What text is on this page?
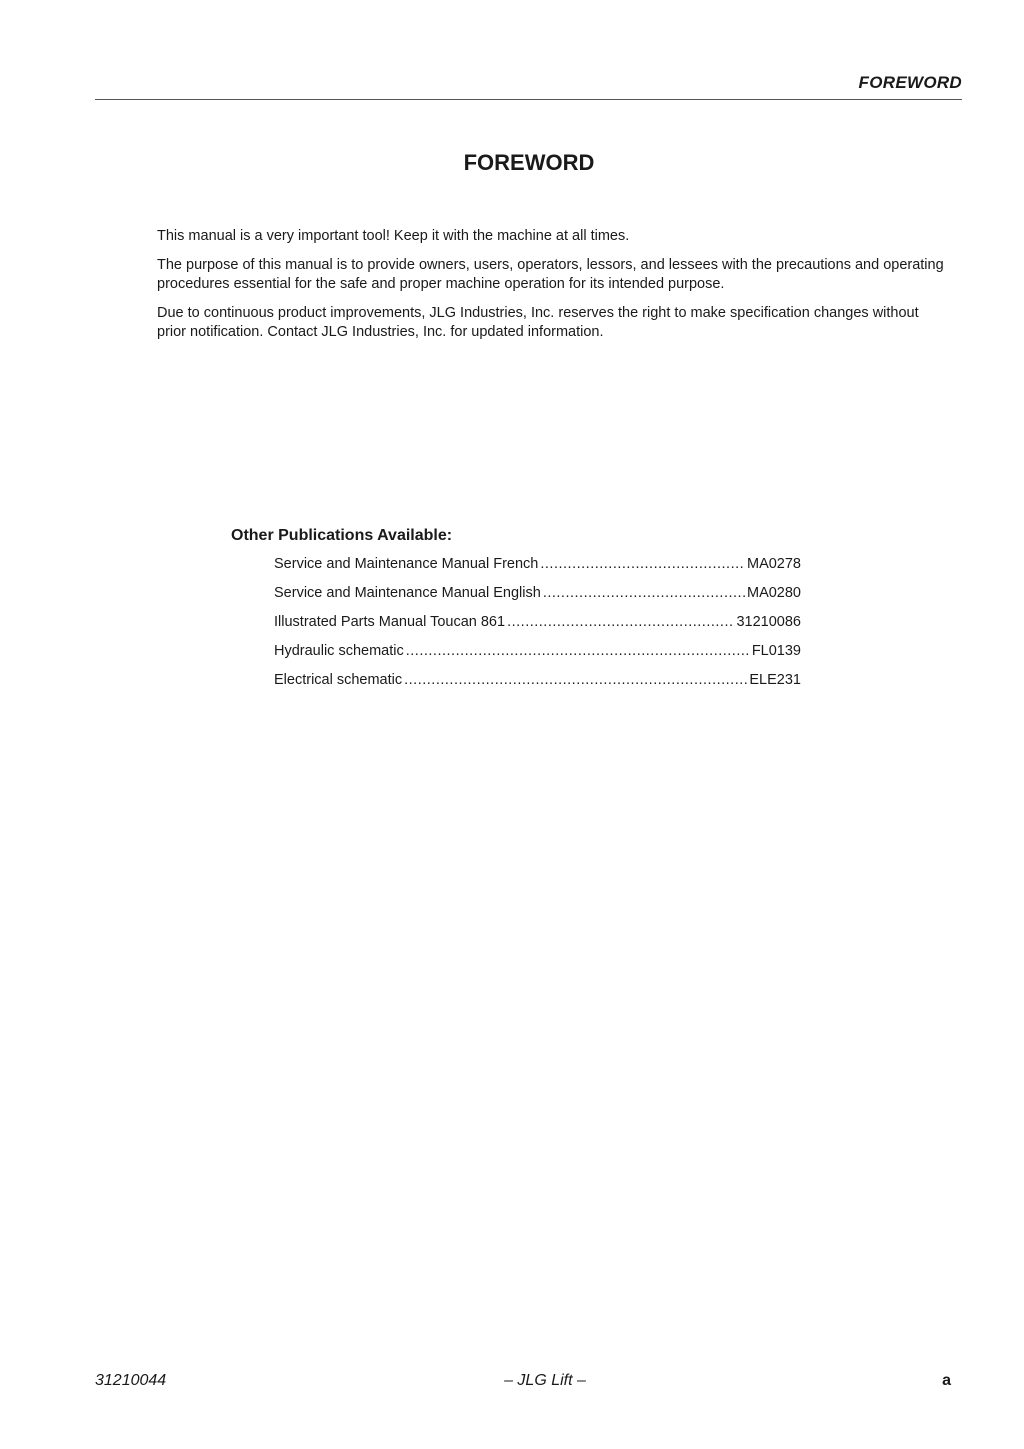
FOREWORD
FOREWORD

This manual is a very important tool! Keep it with the machine at all times.

The purpose of this manual is to provide owners, users, operators, lessors, and lessees with the precautions and operating procedures essential for the safe and proper machine operation for its intended purpose.

Due to continuous product improvements, JLG Industries, Inc. reserves the right to make specification changes without prior notification. Contact JLG Industries, Inc. for updated information.

Other Publications Available:
Service and Maintenance Manual French .....	MA0278
Service and Maintenance Manual English .....	MA0280
Illustrated Parts Manual Toucan 861 .....	31210086
Hydraulic schematic .....	FL0139
Electrical schematic .....	ELE231
31210044	– JLG Lift –	a
